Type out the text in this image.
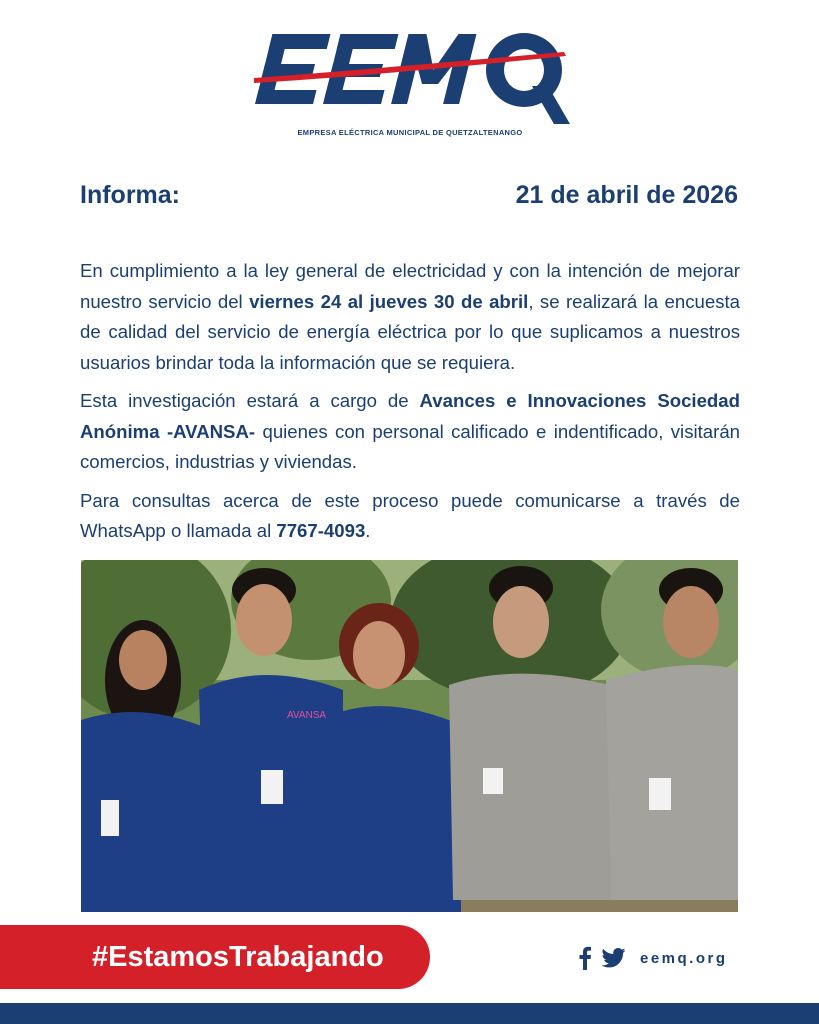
EMPRESA ELÉCTRICA MUNICIPAL DE QUETZALTENANGO
Informa:	21 de abril de 2026

En cumplimiento a la ley general de electricidad y con la intención de mejorar nuestro servicio del viernes 24 al jueves 30 de abril, se realizará la encuesta de calidad del servicio de energía eléctrica por lo que suplicamos a nuestros usuarios brindar toda la información que se requiera.

Esta investigación estará a cargo de Avances e Innovaciones Sociedad Anónima -AVANSA- quienes con personal calificado e indentificado, visitarán comercios, industrias y viviendas.

Para consultas acerca de este proceso puede comunicarse a través de WhatsApp o llamada al 7767-4093.

AVANSA
#EstamosTrabajando	eemq.org
